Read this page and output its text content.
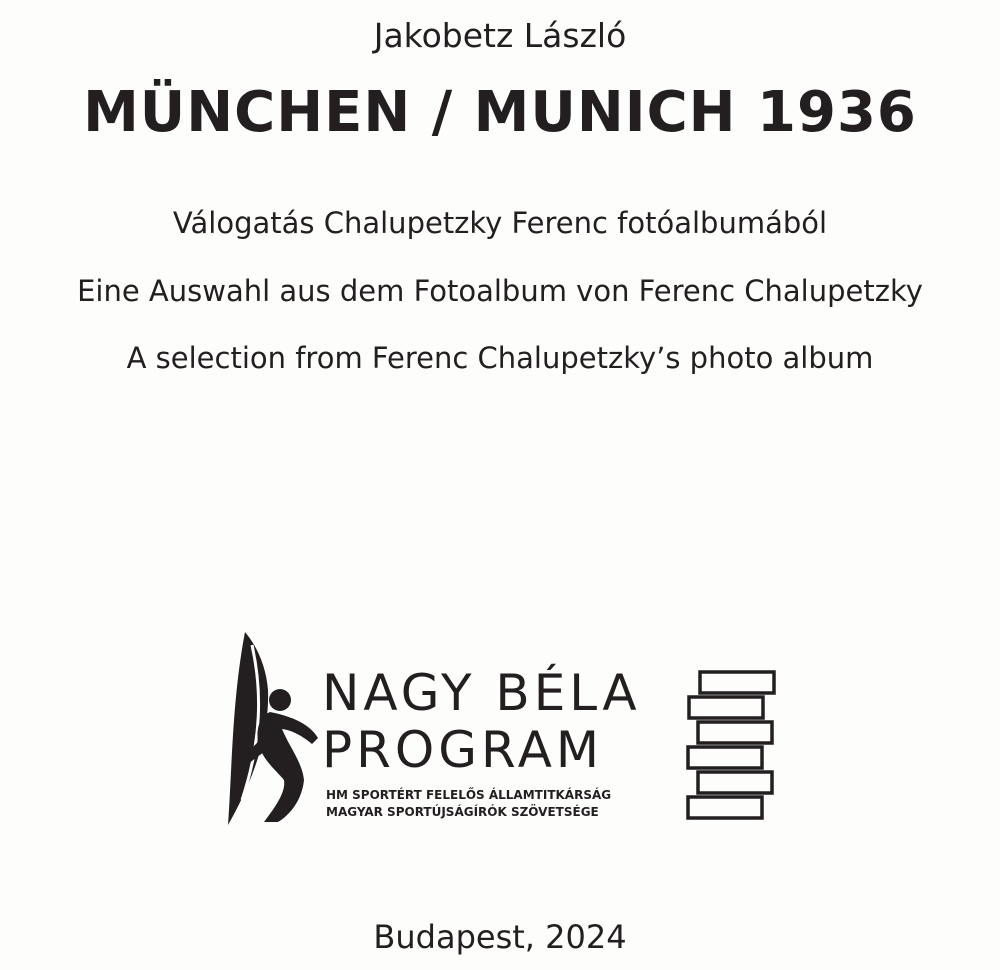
Jakobetz László
MÜNCHEN / MUNICH 1936
Válogatás Chalupetzky Ferenc fotóalbumából
Eine Auswahl aus dem Fotoalbum von Ferenc Chalupetzky
A selection from Ferenc Chalupetzky’s photo album
NAGY BÉLA
PROGRAM
HM SPORTÉRT FELELŐS ÁLLAMTITKÁRSÁG
MAGYAR SPORTÚJSÁGÍRÓK SZÖVETSÉGE
Budapest, 2024
